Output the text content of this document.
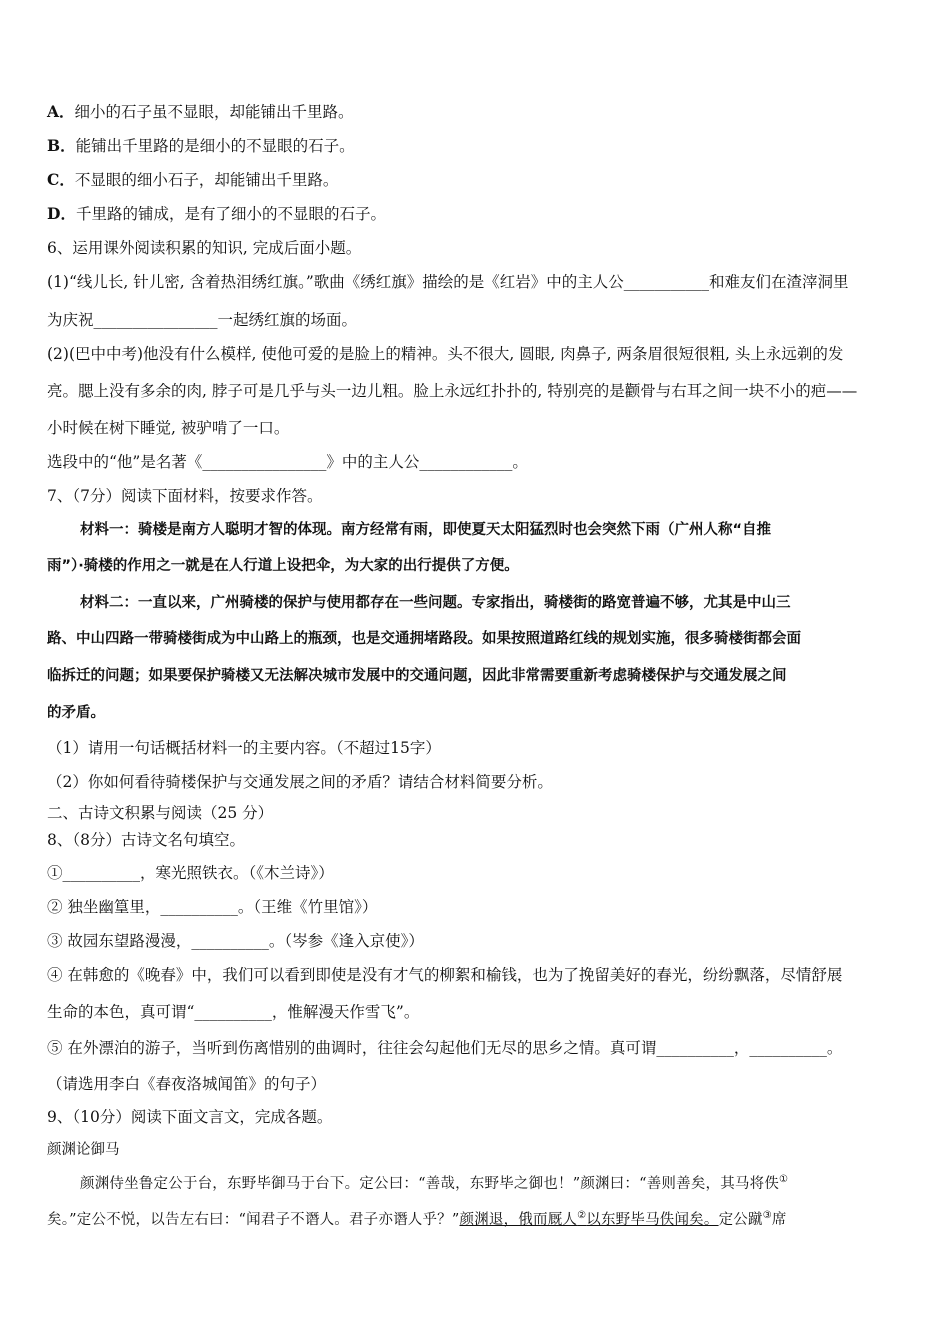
A．细小的石子虽不显眼，却能铺出千里路。
B．能铺出千里路的是细小的不显眼的石子。
C．不显眼的细小石子，却能铺出千里路。
D．千里路的铺成，是有了细小的不显眼的石子。
6、运用课外阅读积累的知识, 完成后面小题。
(1)“线儿长, 针儿密, 含着热泪绣红旗。”歌曲《绣红旗》描绘的是《红岩》中的主人公___________和难友们在渣滓洞里
为庆祝________________一起绣红旗的场面。
(2)(巴中中考)他没有什么模样, 使他可爱的是脸上的精神。头不很大, 圆眼, 肉鼻子, 两条眉很短很粗, 头上永远剃的发
亮。腮上没有多余的肉, 脖子可是几乎与头一边儿粗。脸上永远红扑扑的, 特别亮的是颧骨与右耳之间一块不小的疤——
小时候在树下睡觉, 被驴啃了一口。
选段中的“他”是名著《________________》中的主人公____________。
7、（7分）阅读下面材料，按要求作答。
材料一：骑楼是南方人聪明才智的体现。南方经常有雨，即使夏天太阳猛烈时也会突然下雨（广州人称“自推
雨”）·骑楼的作用之一就是在人行道上设把伞，为大家的出行提供了方便。
材料二：一直以来，广州骑楼的保护与使用都存在一些问题。专家指出，骑楼街的路宽普遍不够，尤其是中山三
路、中山四路一带骑楼街成为中山路上的瓶颈，也是交通拥堵路段。如果按照道路红线的规划实施，很多骑楼街都会面
临拆迁的问题；如果要保护骑楼又无法解决城市发展中的交通问题，因此非常需要重新考虑骑楼保护与交通发展之间
的矛盾。
（1）请用一句话概括材料一的主要内容。（不超过15字）
（2）你如何看待骑楼保护与交通发展之间的矛盾？请结合材料简要分析。
二、古诗文积累与阅读（25 分）
8、（8分）古诗文名句填空。
①__________，寒光照铁衣。（《木兰诗》）
② 独坐幽篁里，__________。（王维《竹里馆》）
③ 故园东望路漫漫，__________。（岑参《逢入京使》）
④ 在韩愈的《晚春》中，我们可以看到即使是没有才气的柳絮和榆钱，也为了挽留美好的春光，纷纷飘落，尽情舒展
生命的本色，真可谓“__________，惟解漫天作雪飞”。
⑤ 在外漂泊的游子，当听到伤离惜别的曲调时，往往会勾起他们无尽的思乡之情。真可谓__________，__________。
（请选用李白《春夜洛城闻笛》的句子）
9、（10分）阅读下面文言文，完成各题。
颜渊论御马
颜渊侍坐鲁定公于台，东野毕御马于台下。定公曰：“善哉，东野毕之御也！”颜渊曰：“善则善矣，其马将佚①
矣。”定公不悦，以告左右曰：“闻君子不谮人。君子亦谮人乎？”颜渊退，俄而厩人②以东野毕马佚闻矣。定公蹴③席
